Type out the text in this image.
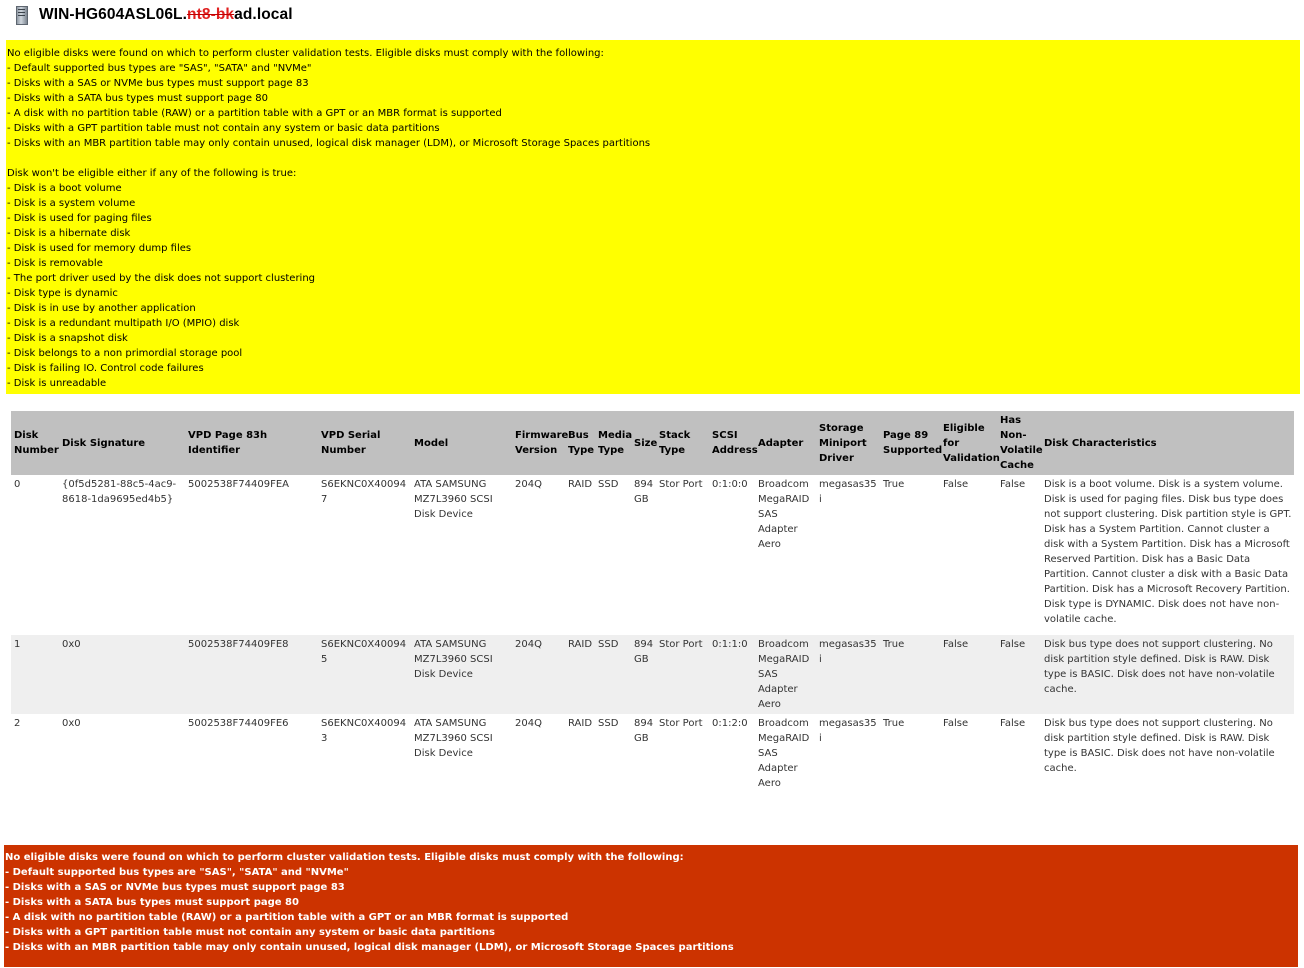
WIN-HG604ASL06L.nt8-bkad.local
No eligible disks were found on which to perform cluster validation tests. Eligible disks must comply with the following:
- Default supported bus types are "SAS", "SATA" and "NVMe"
- Disks with a SAS or NVMe bus types must support page 83
- Disks with a SATA bus types must support page 80
- A disk with no partition table (RAW) or a partition table with a GPT or an MBR format is supported
- Disks with a GPT partition table must not contain any system or basic data partitions
- Disks with an MBR partition table may only contain unused, logical disk manager (LDM), or Microsoft Storage Spaces partitions
Disk won't be eligible either if any of the following is true:
- Disk is a boot volume
- Disk is a system volume
- Disk is used for paging files
- Disk is a hibernate disk
- Disk is used for memory dump files
- Disk is removable
- The port driver used by the disk does not support clustering
- Disk type is dynamic
- Disk is in use by another application
- Disk is a redundant multipath I/O (MPIO) disk
- Disk is a snapshot disk
- Disk belongs to a non primordial storage pool
- Disk is failing IO. Control code failures
- Disk is unreadable
Disk Number	Disk Signature	VPD Page 83h Identifier	VPD Serial Number	Model	Firmware Version	Bus Type	Media Type	Size	Stack Type	SCSI Address	Adapter	Storage Miniport Driver	Page 89 Supported	Eligible for Validation	Has Non-Volatile Cache	Disk Characteristics
0	{0f5d5281-88c5-4ac9-8618-1da9695ed4b5}	5002538F74409FEA	S6EKNC0X400947	ATA SAMSUNG MZ7L3960 SCSI Disk Device	204Q	RAID	SSD	894 GB	Stor Port	0:1:0:0	Broadcom MegaRAID SAS Adapter Aero	megasas35i	True	False	False	Disk is a boot volume. Disk is a system volume. Disk is used for paging files. Disk bus type does not support clustering. Disk partition style is GPT. Disk has a System Partition. Cannot cluster a disk with a System Partition. Disk has a Microsoft Reserved Partition. Disk has a Basic Data Partition. Cannot cluster a disk with a Basic Data Partition. Disk has a Microsoft Recovery Partition. Disk type is DYNAMIC. Disk does not have non-volatile cache.
1	0x0	5002538F74409FE8	S6EKNC0X400945	ATA SAMSUNG MZ7L3960 SCSI Disk Device	204Q	RAID	SSD	894 GB	Stor Port	0:1:1:0	Broadcom MegaRAID SAS Adapter Aero	megasas35i	True	False	False	Disk bus type does not support clustering. No disk partition style defined. Disk is RAW. Disk type is BASIC. Disk does not have non-volatile cache.
2	0x0	5002538F74409FE6	S6EKNC0X400943	ATA SAMSUNG MZ7L3960 SCSI Disk Device	204Q	RAID	SSD	894 GB	Stor Port	0:1:2:0	Broadcom MegaRAID SAS Adapter Aero	megasas35i	True	False	False	Disk bus type does not support clustering. No disk partition style defined. Disk is RAW. Disk type is BASIC. Disk does not have non-volatile cache.
No eligible disks were found on which to perform cluster validation tests. Eligible disks must comply with the following:
- Default supported bus types are "SAS", "SATA" and "NVMe"
- Disks with a SAS or NVMe bus types must support page 83
- Disks with a SATA bus types must support page 80
- A disk with no partition table (RAW) or a partition table with a GPT or an MBR format is supported
- Disks with a GPT partition table must not contain any system or basic data partitions
- Disks with an MBR partition table may only contain unused, logical disk manager (LDM), or Microsoft Storage Spaces partitions
